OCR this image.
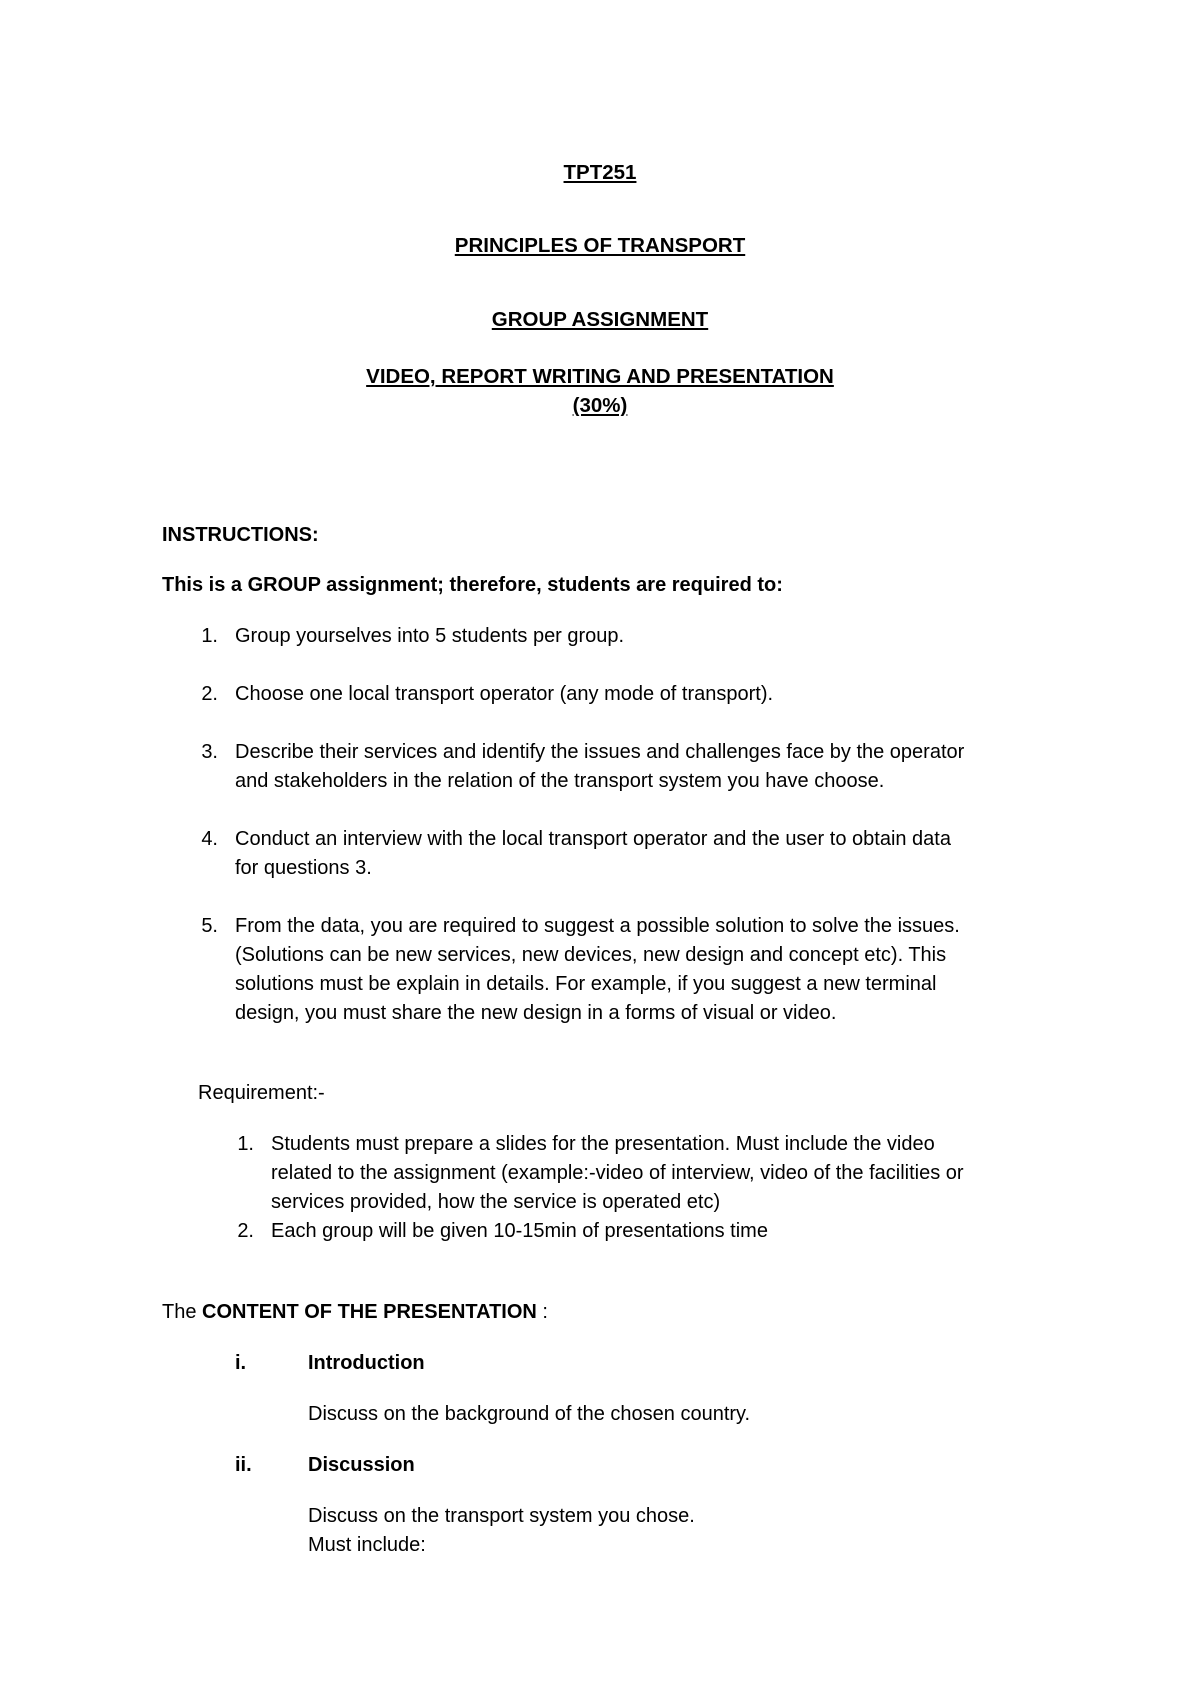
TPT251
PRINCIPLES OF TRANSPORT
GROUP ASSIGNMENT
VIDEO, REPORT WRITING AND PRESENTATION
(30%)
INSTRUCTIONS:
This is a GROUP assignment; therefore, students are required to:
1. Group yourselves into 5 students per group.
2. Choose one local transport operator (any mode of transport).
3. Describe their services and identify the issues and challenges face by the operator
and stakeholders in the relation of the transport system you have choose.
4. Conduct an interview with the local transport operator and the user to obtain data
for questions 3.
5. From the data, you are required to suggest a possible solution to solve the issues.
(Solutions can be new services, new devices, new design and concept etc). This
solutions must be explain in details. For example, if you suggest a new terminal
design, you must share the new design in a forms of visual or video.
Requirement:-
1. Students must prepare a slides for the presentation. Must include the video
related to the assignment (example:-video of interview, video of the facilities or
services provided, how the service is operated etc)
2. Each group will be given 10-15min of presentations time
The CONTENT OF THE PRESENTATION :
i.	Introduction
Discuss on the background of the chosen country.
ii.	Discussion
Discuss on the transport system you chose.
Must include:
